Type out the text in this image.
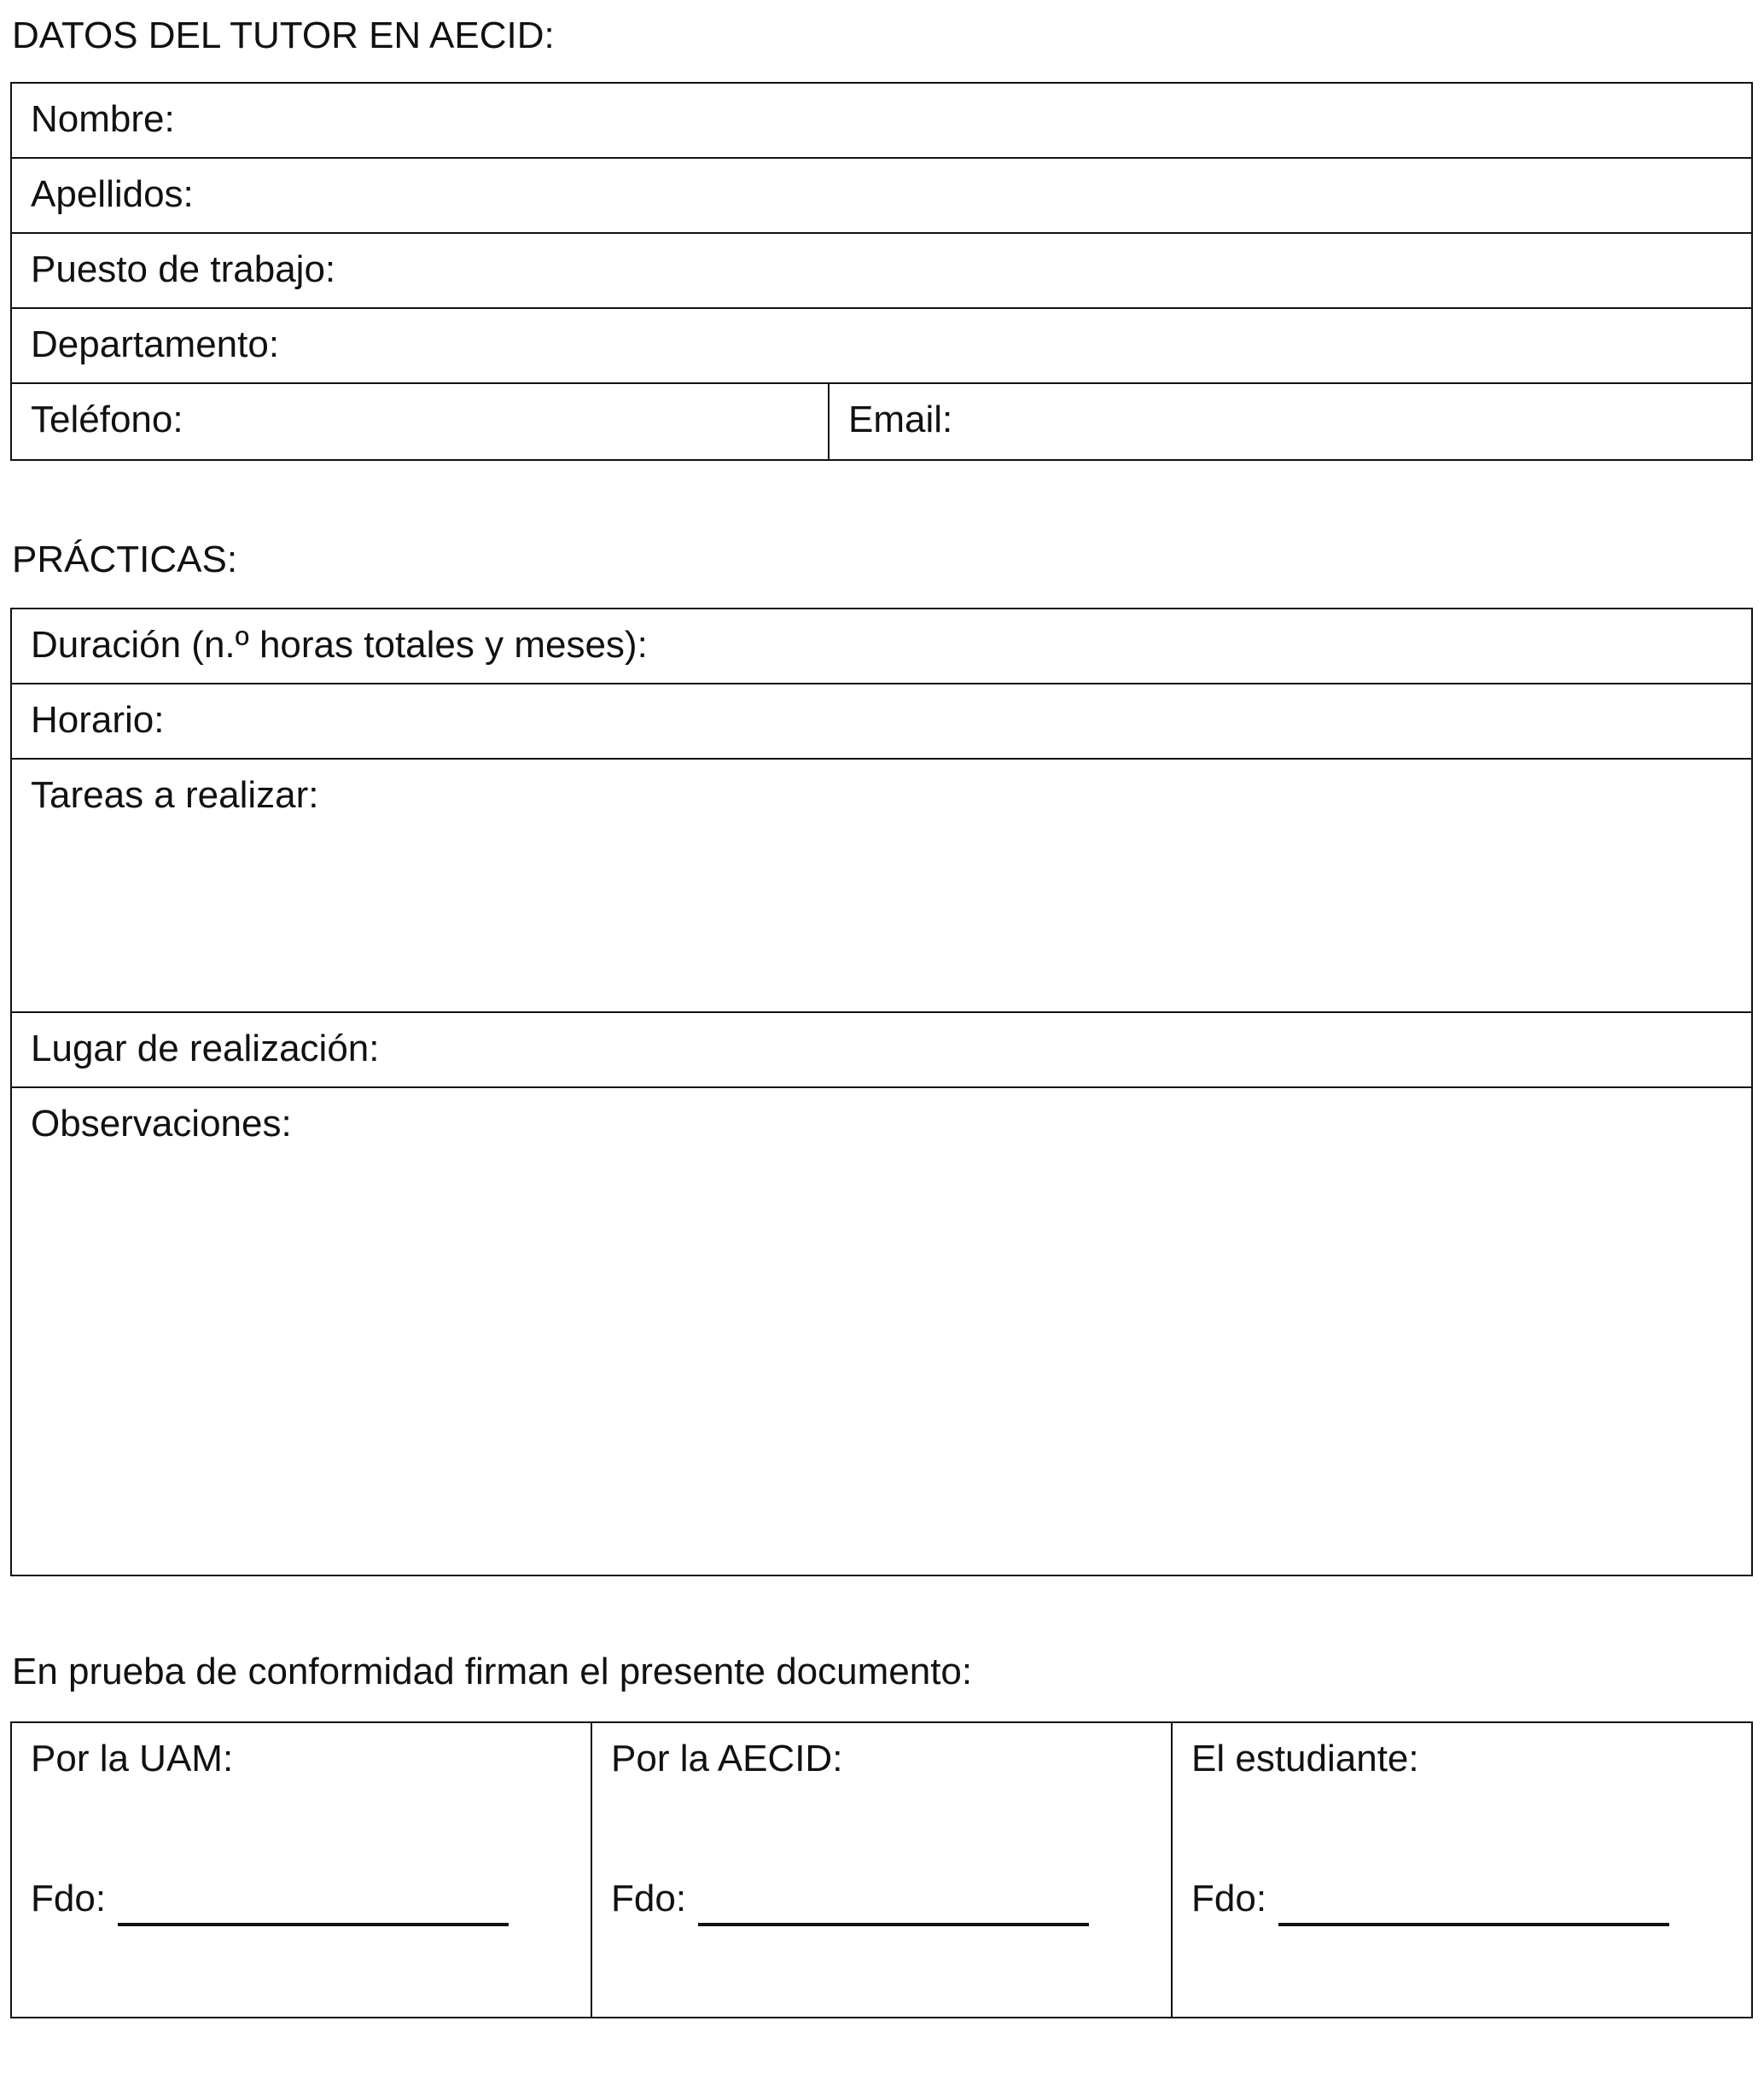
DATOS DEL TUTOR EN AECID:
Nombre:
Apellidos:
Puesto de trabajo:
Departamento:
Teléfono:	Email:
PRÁCTICAS:
Duración (n.º horas totales y meses):
Horario:
Tareas a realizar:
Lugar de realización:
Observaciones:
En prueba de conformidad firman el presente documento:
Por la UAM:
Fdo:
Por la AECID:
Fdo:
El estudiante:
Fdo:
